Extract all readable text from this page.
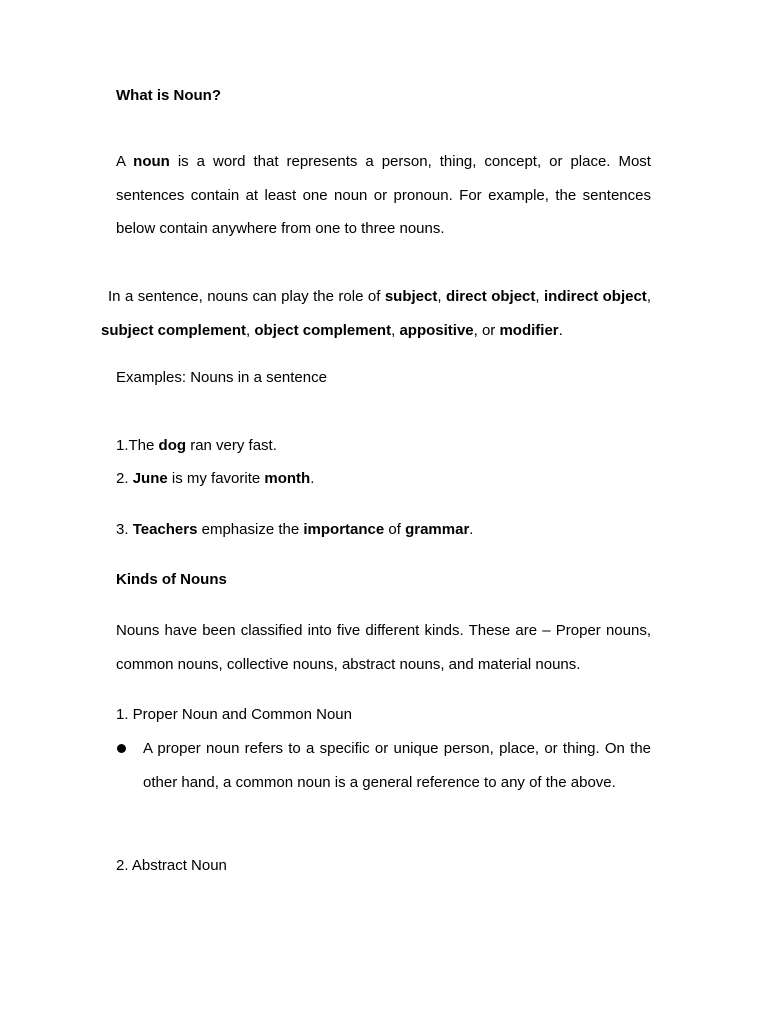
What is Noun?

A noun is a word that represents a person, thing, concept, or place. Most sentences contain at least one noun or pronoun. For example, the sentences below contain anywhere from one to three nouns.

In a sentence, nouns can play the role of subject, direct object, indirect object, subject complement, object complement, appositive, or modifier.

Examples: Nouns in a sentence

1.The dog ran very fast.

2. June is my favorite month.

3. Teachers emphasize the importance of grammar.

Kinds of Nouns

Nouns have been classified into five different kinds. These are – Proper nouns, common nouns, collective nouns, abstract nouns, and material nouns.

1. Proper Noun and Common Noun

A proper noun refers to a specific or unique person, place, or thing. On the other hand, a common noun is a general reference to any of the above.

2. Abstract Noun
